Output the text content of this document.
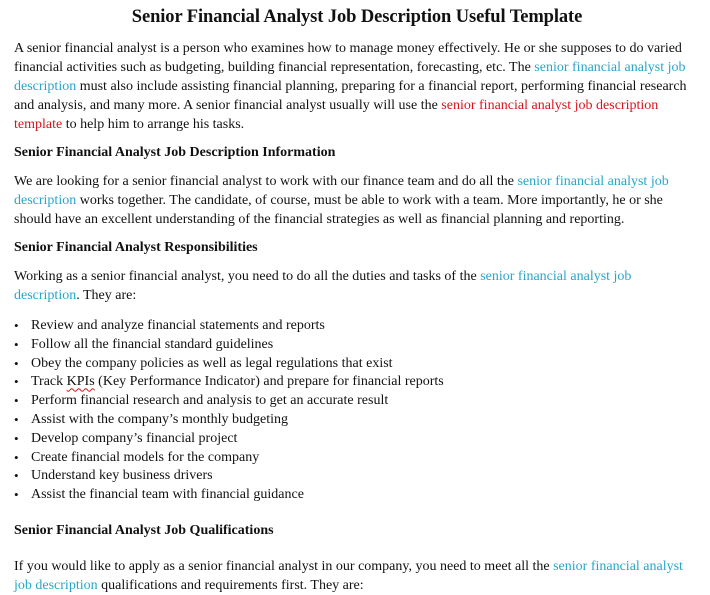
Senior Financial Analyst Job Description Useful Template

A senior financial analyst is a person who examines how to manage money effectively. He or she supposes to do varied financial activities such as budgeting, building financial representation, forecasting, etc. The senior financial analyst job description must also include assisting financial planning, preparing for a financial report, performing financial research and analysis, and many more. A senior financial analyst usually will use the senior financial analyst job description template to help him to arrange his tasks.

Senior Financial Analyst Job Description Information

We are looking for a senior financial analyst to work with our finance team and do all the senior financial analyst job description works together. The candidate, of course, must be able to work with a team. More importantly, he or she should have an excellent understanding of the financial strategies as well as financial planning and reporting.

Senior Financial Analyst Responsibilities

Working as a senior financial analyst, you need to do all the duties and tasks of the senior financial analyst job description. They are:

• Review and analyze financial statements and reports
• Follow all the financial standard guidelines
• Obey the company policies as well as legal regulations that exist
• Track KPIs (Key Performance Indicator) and prepare for financial reports
• Perform financial research and analysis to get an accurate result
• Assist with the company’s monthly budgeting
• Develop company’s financial project
• Create financial models for the company
• Understand key business drivers
• Assist the financial team with financial guidance
Senior Financial Analyst Job Qualifications

If you would like to apply as a senior financial analyst in our company, you need to meet all the senior financial analyst job description qualifications and requirements first. They are:
